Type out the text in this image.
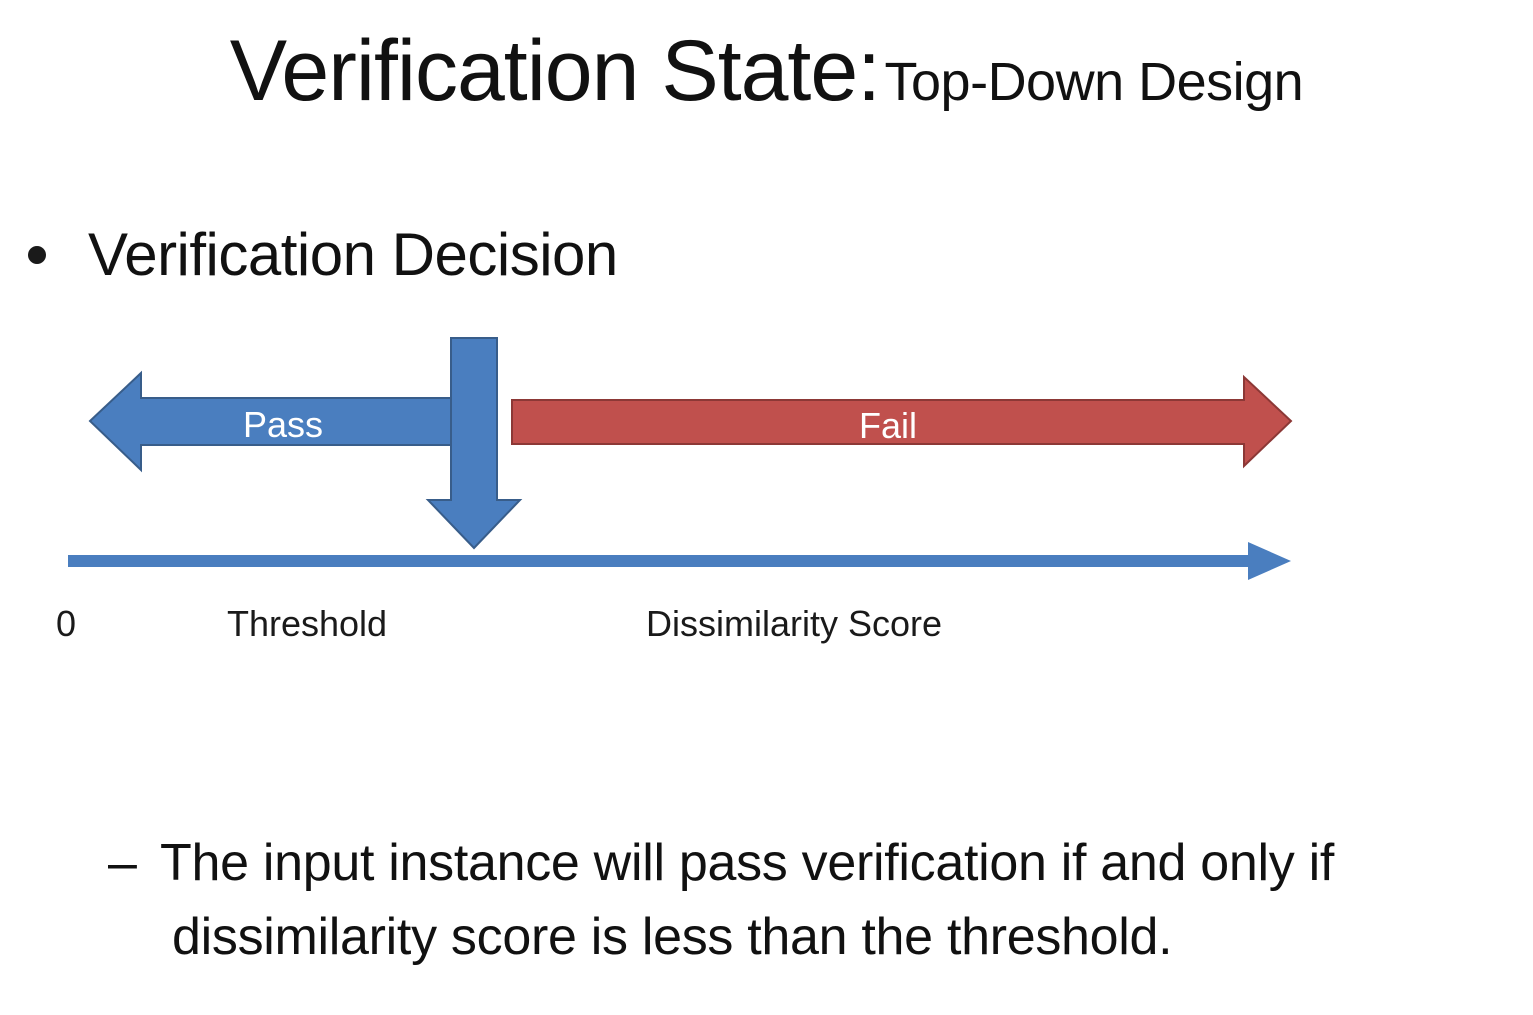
Verification State: Top-Down Design
Verification Decision
Pass	Fail
0	Threshold	Dissimilarity Score
– The input instance will pass verification if and only if
dissimilarity score is less than the threshold.
